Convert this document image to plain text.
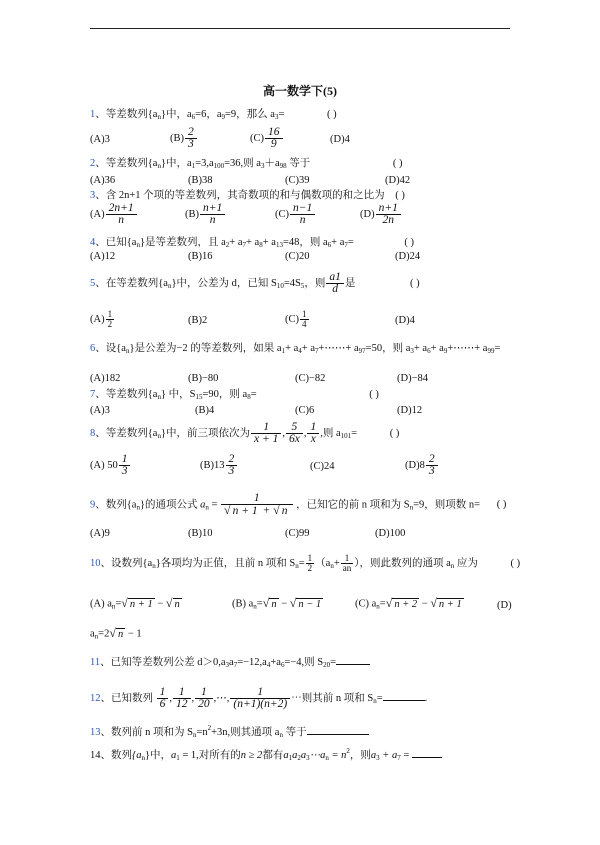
高一数学下(5)
1、等差数列$\{a_n\}$中，$a_6=6$，$a_9=9$，那么 $a_3=$	( )
(A)3	$(B) \frac{2}{3}$	$(C) \frac{16}{9}$	(D)4
2、等差数列$\{a_n\}$中，$a_1=3,a_{100}=36$,则 $a_3+a_{98}$ 等于	( )
(A)36	(B)38	(C)39	(D)42
3、含 2n+1 个项的等差数列，其奇数项的和与偶数项的和之比为 ( )
$(A) \frac{2n+1}{n}$	$(B) \frac{n+1}{n}$	$(C) \frac{n-1}{n}$	$(D) \frac{n+1}{2n}$
4、已知$\{a_n\}$是等差数列，且 $a_2+ a_7+ a_8+ a_{13}=48$，则 $a_6+ a_7=$	( )
(A)12	(B)16	(C)20	(D)24
5、在等差数列$\{a_n\}$中，公差为 d，已知 $S_{10}=4S_5$，则 $\frac{a1}{d}$ 是	( )
$(A) \frac{1}{2}$	(B)2	$(C) \frac{1}{4}$	(D)4
6、设$\{a_n\}$是公差为−2 的等差数列，如果 $a_1+ a_4+$ $a_7+\cdots\cdots+ a_{97}=50$，则 $a_3+ a_6+$ $a_9+\cdots\cdots+ a_{99}=$
(A)182	(B)−80	(C)−82	(D)−84
7、等差数列$\{a_n\}$ 中，$S_{15}=90$，则 $a_8=$	( )
(A)3	(B)4	(C)6	(D)12
8、等差数列$\{a_n\}$中，前三项依次为 $\frac{1}{x + 1}$ , $\frac{5}{6x}$ , $\frac{1}{x}$ ,则 $a_{101}=$	( )
(A) $50 \frac{1}{3}$	$(B)13 \frac{2}{3}$	(C)24	$(D)8 \frac{2}{3}$
9、数列$\{a_n\}$的通项公式 $a_n = \frac{1}{√ n + 1 + √ n}$ ，已知它的前 n 项和为 $S_n=9$，则项数 n= ( )
(A)9	(B)10	(C)99	(D)100
10、设数列$\{a_n\}$各项均为正值，且前 n 项和 $S_n= \frac{1}{2} (a_n+ \frac{1}{an}$ ），则此数列的通项 $a_n$ 应为	( )
(A) $a_n=√$ n + 1 − √ n	(B) $a_n=√$ n − √ n − 1	(C) $a_n=√$ n + 2 − √ n + 1	(D)
$a_n=2√$ n − 1
11、已知等差数列公差 $d>0,a_3a_7=-12,a_4+a_6=-4$,则 $S_{20}=$
12、已知数列 $\frac{1}{6}$ , $\frac{1}{12}$ , $\frac{1}{20}$ ,⋯, $\frac{1}{(n+1)(n+2)}$ ⋯则其前 n 项和 $S_n=$	.
13、数列前 n 项和为 $S_n=n^2+3n$,则其通项 $a_n$ 等于
14、数列$\{a_n\}$中，$a_1 = 1$,对所有的n ≥ 2都有$a_1a_2a_3\cdots a_n = n^2$，则$a_3 + a_7$ =
